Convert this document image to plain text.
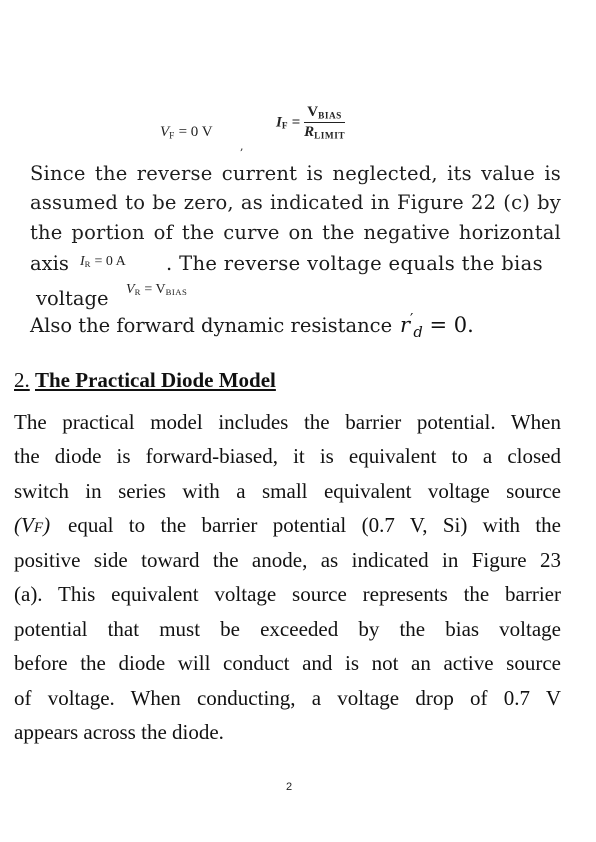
$V_F = 0$ V
$I_F = \frac{V_{BIAS}}{R_{LIMIT}}$
,
Since the reverse current is neglected, its value is
assumed to be zero, as indicated in Figure 22 (c) by
the portion of the curve on the negative horizontal
axis $I_R = 0$ A . The reverse voltage equals the bias
voltage $V_R = V_{BIAS}$
Also the forward dynamic resistance $r'_d = 0$.
2. The Practical Diode Model
The practical model includes the barrier potential. When
the diode is forward-biased, it is equivalent to a closed
switch in series with a small equivalent voltage source
(VF) equal to the barrier potential (0.7 V, Si) with the
positive side toward the anode, as indicated in Figure 23
(a). This equivalent voltage source represents the barrier
potential that must be exceeded by the bias voltage
before the diode will conduct and is not an active source
of voltage. When conducting, a voltage drop of 0.7 V
appears across the diode.
2
